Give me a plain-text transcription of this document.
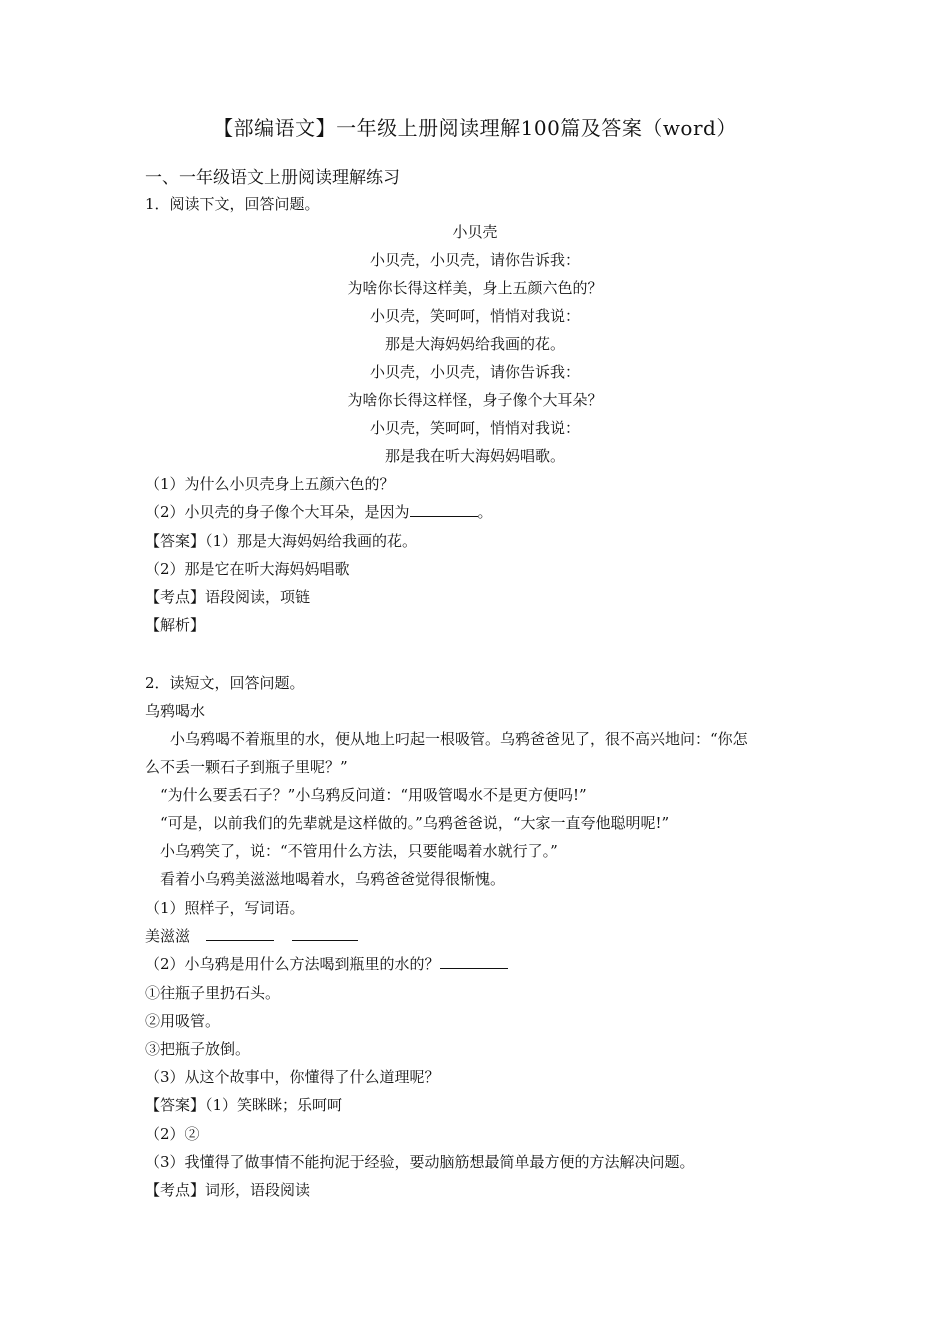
【部编语文】一年级上册阅读理解100篇及答案（word）
一、一年级语文上册阅读理解练习
1．阅读下文，回答问题。
小贝壳
小贝壳，小贝壳，请你告诉我：
为啥你长得这样美，身上五颜六色的？
小贝壳，笑呵呵，悄悄对我说：
那是大海妈妈给我画的花。
小贝壳，小贝壳，请你告诉我：
为啥你长得这样怪，身子像个大耳朵？
小贝壳，笑呵呵，悄悄对我说：
那是我在听大海妈妈唱歌。
（1）为什么小贝壳身上五颜六色的？
（2）小贝壳的身子像个大耳朵，是因为	。
【答案】（1）那是大海妈妈给我画的花。
（2）那是它在听大海妈妈唱歌
【考点】语段阅读，项链
【解析】
2．读短文，回答问题。
乌鸦喝水
小乌鸦喝不着瓶里的水，便从地上叼起一根吸管。乌鸦爸爸见了，很不高兴地问：“你怎
么不丢一颗石子到瓶子里呢？”
“为什么要丢石子？”小乌鸦反问道：“用吸管喝水不是更方便吗!”
“可是，以前我们的先辈就是这样做的。”乌鸦爸爸说，“大家一直夸他聪明呢!”
小乌鸦笑了，说：“不管用什么方法，只要能喝着水就行了。”
看着小乌鸦美滋滋地喝着水，乌鸦爸爸觉得很惭愧。
（1）照样子，写词语。
美滋滋
（2）小乌鸦是用什么方法喝到瓶里的水的？
①往瓶子里扔石头。
②用吸管。
③把瓶子放倒。
（3）从这个故事中，你懂得了什么道理呢？
【答案】（1）笑眯眯；乐呵呵
（2）②
（3）我懂得了做事情不能拘泥于经验，要动脑筋想最简单最方便的方法解决问题。
【考点】词形，语段阅读
